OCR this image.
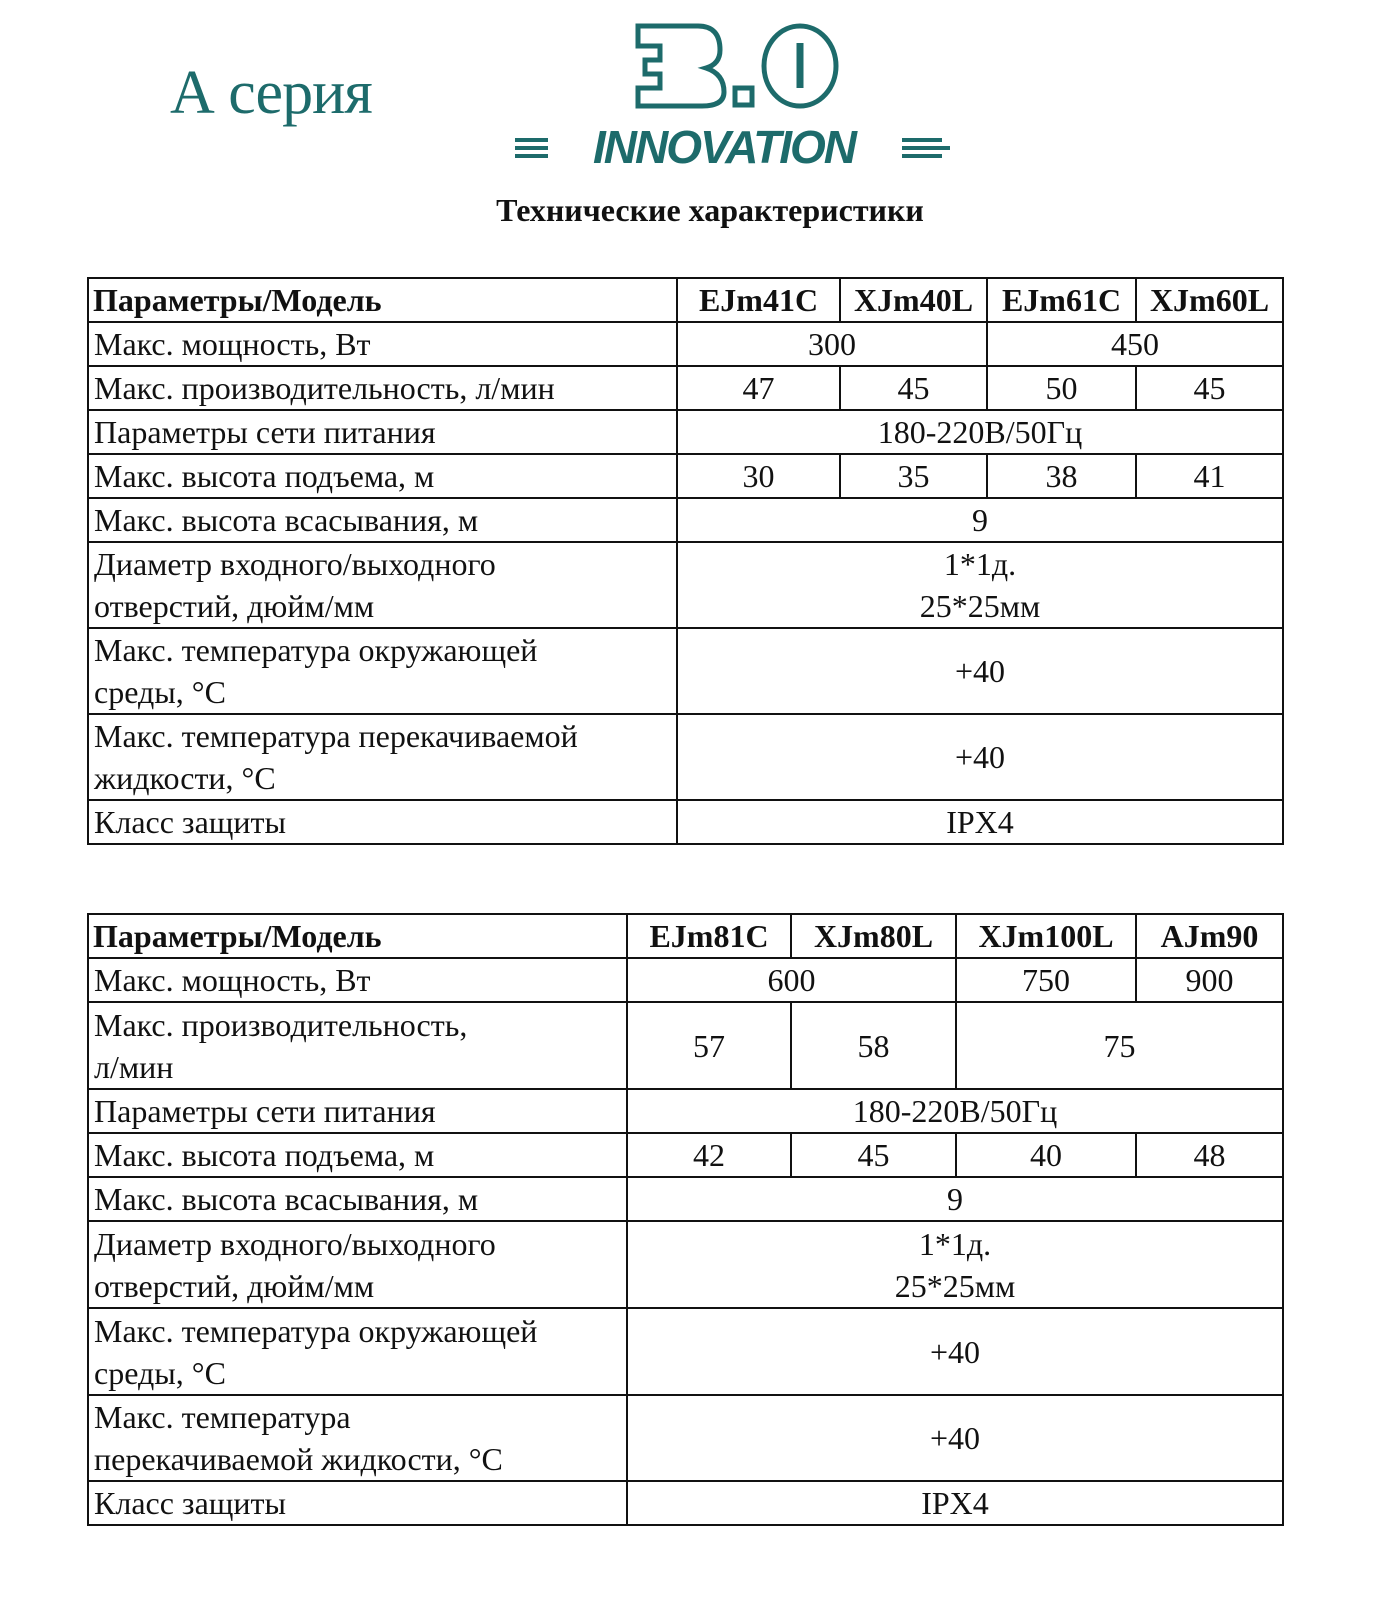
А серия
INNOVATION
Технические характеристики
Параметры/Модель	EJm41C	XJm40L	EJm61C	XJm60L
Макс. мощность, Вт	300		450	
Макс. производительность, л/мин	47	45	50	45
Параметры сети питания	180-220В/50Гц			
Макс. высота подъема, м	30	35	38	41
Макс. высота всасывания, м	9			

Диаметр входного/выходного
отверстий, дюйм/мм	1*1д.
25*25мм			

Макс. температура окружающей
среды, °C	+40			

Макс. температура перекачиваемой
жидкости, °C	+40			
Класс защиты	IPX4			
Параметры/Модель	EJm81C	XJm80L	XJm100L	AJm90
Макс. мощность, Вт	600		750	900

Макс. производительность,
л/мин	57	58	75	
Параметры сети питания	180-220В/50Гц			
Макс. высота подъема, м	42	45	40	48
Макс. высота всасывания, м	9			

Диаметр входного/выходного
отверстий, дюйм/мм	1*1д.
25*25мм			

Макс. температура окружающей
среды, °C	+40			

Макс. температура
перекачиваемой жидкости, °C	+40			
Класс защиты	IPX4			
